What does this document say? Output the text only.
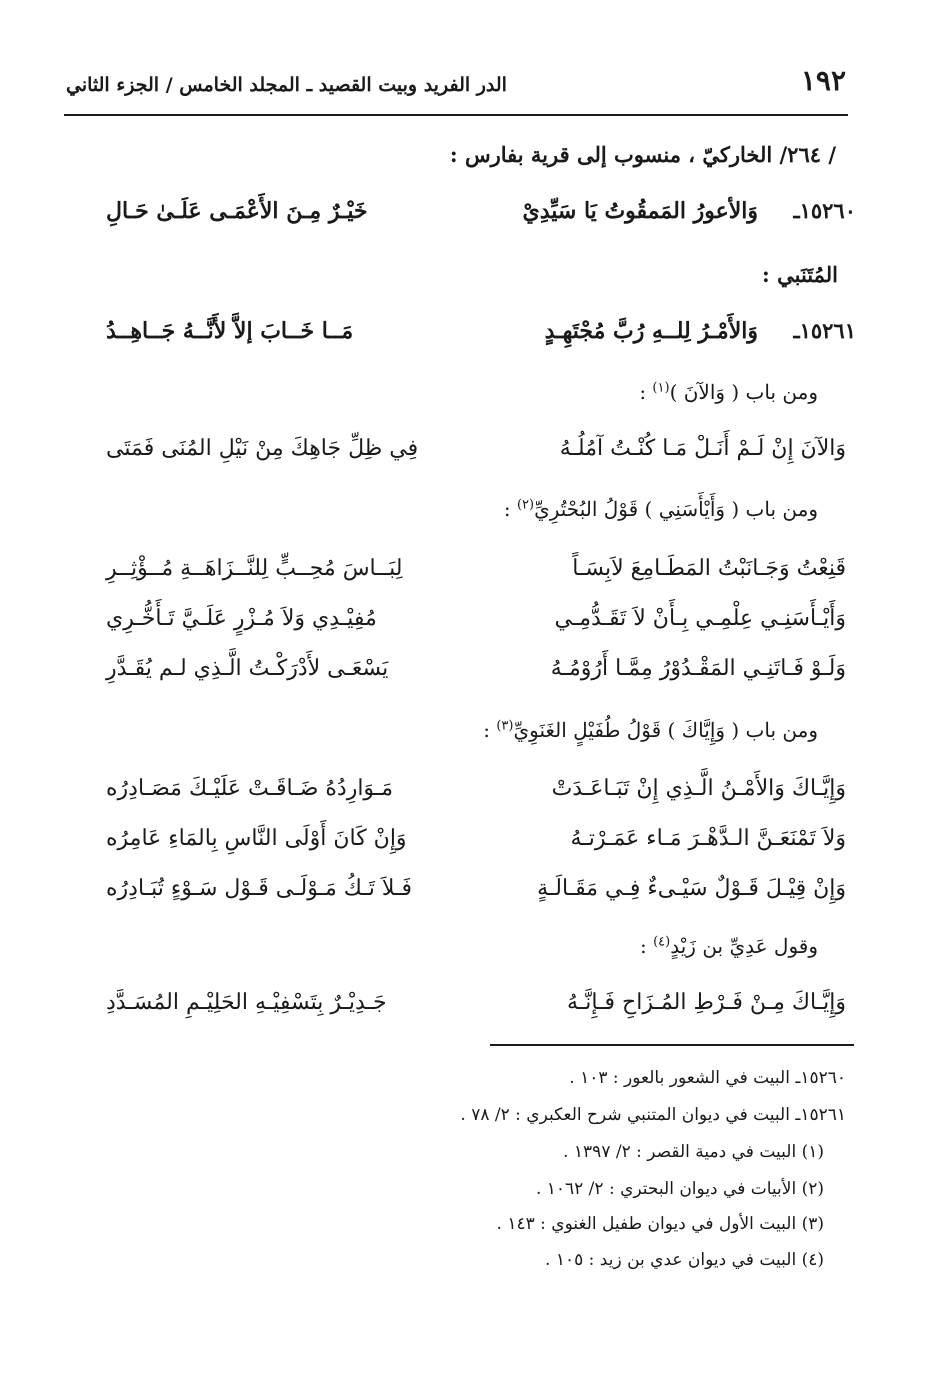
١٩٢
الدر الفريد وبيت القصيد ـ المجلد الخامس / الجزء الثاني
/ ٢٦٤/ الخاركيّ ، منسوب إلى قرية بفارس :
١٥٢٦٠ـ
وَالأعورُ المَمقُوتُ يَا سَيِّدِيْ
خَيْـرٌ مِـنَ الأَعْمَـى عَلَـىٰ حَـالِ
المُتَنَبي :
١٥٢٦١ـ
وَالأَمْـرُ لِلــهِ رُبَّ مُجْتَهِـدٍ
مَــا خَــابَ إلاَّ لأَنَّــهُ جَــاهِــدُ
ومن باب ( وَالآنَ )$^{(١)}$ :
وَالآنَ إِنْ لَـمْ أَنَـلْ مَـا كُنْـتُ آمُلُـهُ
فِي ظِلِّ جَاهِكَ مِنْ نَيْلِ المُنَى فَمَتَى
ومن باب ( وَأَيْأَسَنِي ) قَوْلُ البُحْتُرِيِّ$^{(٢)}$ :
قَنِعْتُ وَجَـانَبْتُ المَطَـامِعَ لاَبِسَـاً
لِبَــاسَ مُحِــبٍّ لِلنَّــزَاهَــةِ مُــؤْثِــرِ
وَأَيْـأَسَنِـي عِلْمِـي بِـأَنْ لاَ تَقَـدُّمِـي
مُفِيْـدِي وَلاَ مُـزْرٍ عَلَـيَّ تَـأَخُّـرِي
وَلَـوْ فَـاتَنِـي المَقْـدُوْرُ مِمَّـا أَرُوْمُـهُ
يَسْعَـى لأَدْرَكْـتُ الَّـذِي لـم يُقَـدَّرِ
ومن باب ( وَإِيَّاكَ ) قَوْلُ طُفَيْلٍ الغَنَوِيِّ$^{(٣)}$ :
وَإِيَّـاكَ وَالأَمْـنُ الَّـذِي إِنْ تَبَـاعَـدَتْ
مَـوَارِدُهُ ضَـاقَـتْ عَلَيْـكَ مَصَـادِرُه
وَلاَ تَمْنَعَـنَّ الـدَّهْـرَ مَـاء عَمَـرْتـهُ
وَإِنْ كَانَ أَوْلَى النَّاسِ بِالمَاءِ عَامِرُه
وَإِنْ قِيْـلَ قَـوْلٌ سَيْـىءٌ فِـي مَقَـالَـةٍ
فَـلاَ تَـكُ مَـوْلَـى قَـوْل سَـوْءٍ تُبَـادِرُه
وقول عَدِيِّ بن زَيْدٍ$^{(٤)}$ :
وَإِيَّـاكَ مِـنْ فَـرْطِ المُـزَاحِ فَـإِنَّـهُ
جَـدِيْـرٌ بِتَسْفِيْـهِ الحَلِيْـمِ المُسَـدَّدِ
١٥٢٦٠ـ البيت في الشعور بالعور : ١٠٣ .
١٥٢٦١ـ البيت في ديوان المتنبي شرح العكبري : ٢/ ٧٨ .
(١) البيت في دمية القصر : ٢/ ١٣٩٧ .
(٢) الأبيات في ديوان البحتري : ٢/ ١٠٦٢ .
(٣) البيت الأول في ديوان طفيل الغنوي : ١٤٣ .
(٤) البيت في ديوان عدي بن زيد : ١٠٥ .
